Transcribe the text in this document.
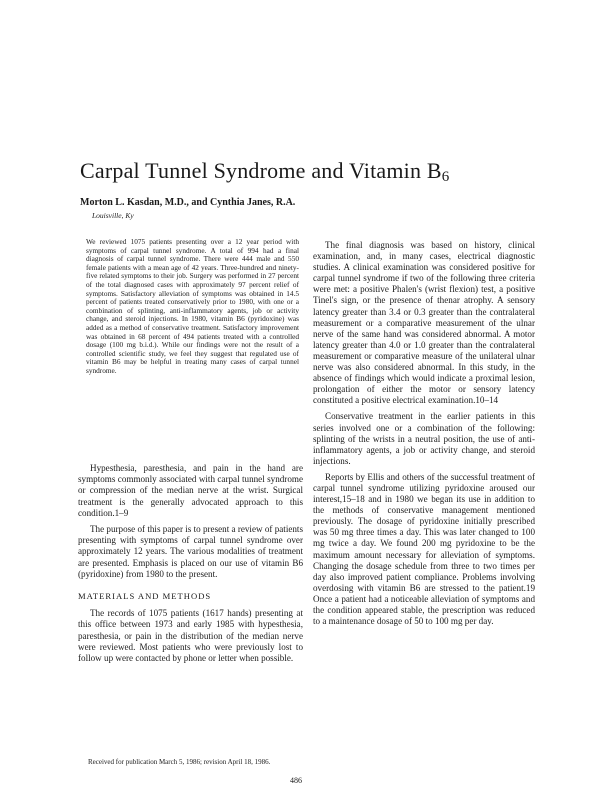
Carpal Tunnel Syndrome and Vitamin $B_6$
Morton L. Kasdan, M.D., and Cynthia Janes, R.A.
Louisville, Ky

We reviewed 1075 patients presenting over a 12 year period with symptoms of carpal tunnel syndrome. A total of 994 had a final diagnosis of carpal tunnel syndrome. There were 444 male and 550 female patients with a mean age of 42 years. Three-hundred and ninety-five related symptoms to their job. Surgery was performed in 27 percent of the total diagnosed cases with approximately 97 percent relief of symptoms. Satisfactory alleviation of symptoms was obtained in 14.5 percent of patients treated conservatively prior to 1980, with one or a combination of splinting, anti-inflammatory agents, job or activity change, and steroid injections. In 1980, vitamin B6 (pyridoxine) was added as a method of conservative treatment. Satisfactory improvement was obtained in 68 percent of 494 patients treated with a controlled dosage (100 mg b.i.d.). While our findings were not the result of a controlled scientific study, we feel they suggest that regulated use of vitamin B6 may be helpful in treating many cases of carpal tunnel syndrome.

Hypesthesia, paresthesia, and pain in the hand are symptoms commonly associated with carpal tunnel syndrome or compression of the median nerve at the wrist. Surgical treatment is the generally advocated approach to this condition.1–9

The purpose of this paper is to present a review of patients presenting with symptoms of carpal tunnel syndrome over approximately 12 years. The various modalities of treatment are presented. Emphasis is placed on our use of vitamin B6 (pyridoxine) from 1980 to the present.

MATERIALS AND METHODS

The records of 1075 patients (1617 hands) presenting at this office between 1973 and early 1985 with hypesthesia, paresthesia, or pain in the distribution of the median nerve were reviewed. Most patients who were previously lost to follow up were contacted by phone or letter when possible.

The final diagnosis was based on history, clinical examination, and, in many cases, electrical diagnostic studies. A clinical examination was considered positive for carpal tunnel syndrome if two of the following three criteria were met: a positive Phalen's (wrist flexion) test, a positive Tinel's sign, or the presence of thenar atrophy. A sensory latency greater than 3.4 or 0.3 greater than the contralateral measurement or a comparative measurement of the ulnar nerve of the same hand was considered abnormal. A motor latency greater than 4.0 or 1.0 greater than the contralateral measurement or comparative measure of the unilateral ulnar nerve was also considered abnormal. In this study, in the absence of findings which would indicate a proximal lesion, prolongation of either the motor or sensory latency constituted a positive electrical examination.10–14

Conservative treatment in the earlier patients in this series involved one or a combination of the following: splinting of the wrists in a neutral position, the use of anti-inflammatory agents, a job or activity change, and steroid injections.

Reports by Ellis and others of the successful treatment of carpal tunnel syndrome utilizing pyridoxine aroused our interest,15–18 and in 1980 we began its use in addition to the methods of conservative management mentioned previously. The dosage of pyridoxine initially prescribed was 50 mg three times a day. This was later changed to 100 mg twice a day. We found 200 mg pyridoxine to be the maximum amount necessary for alleviation of symptoms. Changing the dosage schedule from three to two times per day also improved patient compliance. Problems involving overdosing with vitamin B6 are stressed to the patient.19 Once a patient had a noticeable alleviation of symptoms and the condition appeared stable, the prescription was reduced to a maintenance dosage of 50 to 100 mg per day.

Received for publication March 5, 1986; revision April 18, 1986.
486
